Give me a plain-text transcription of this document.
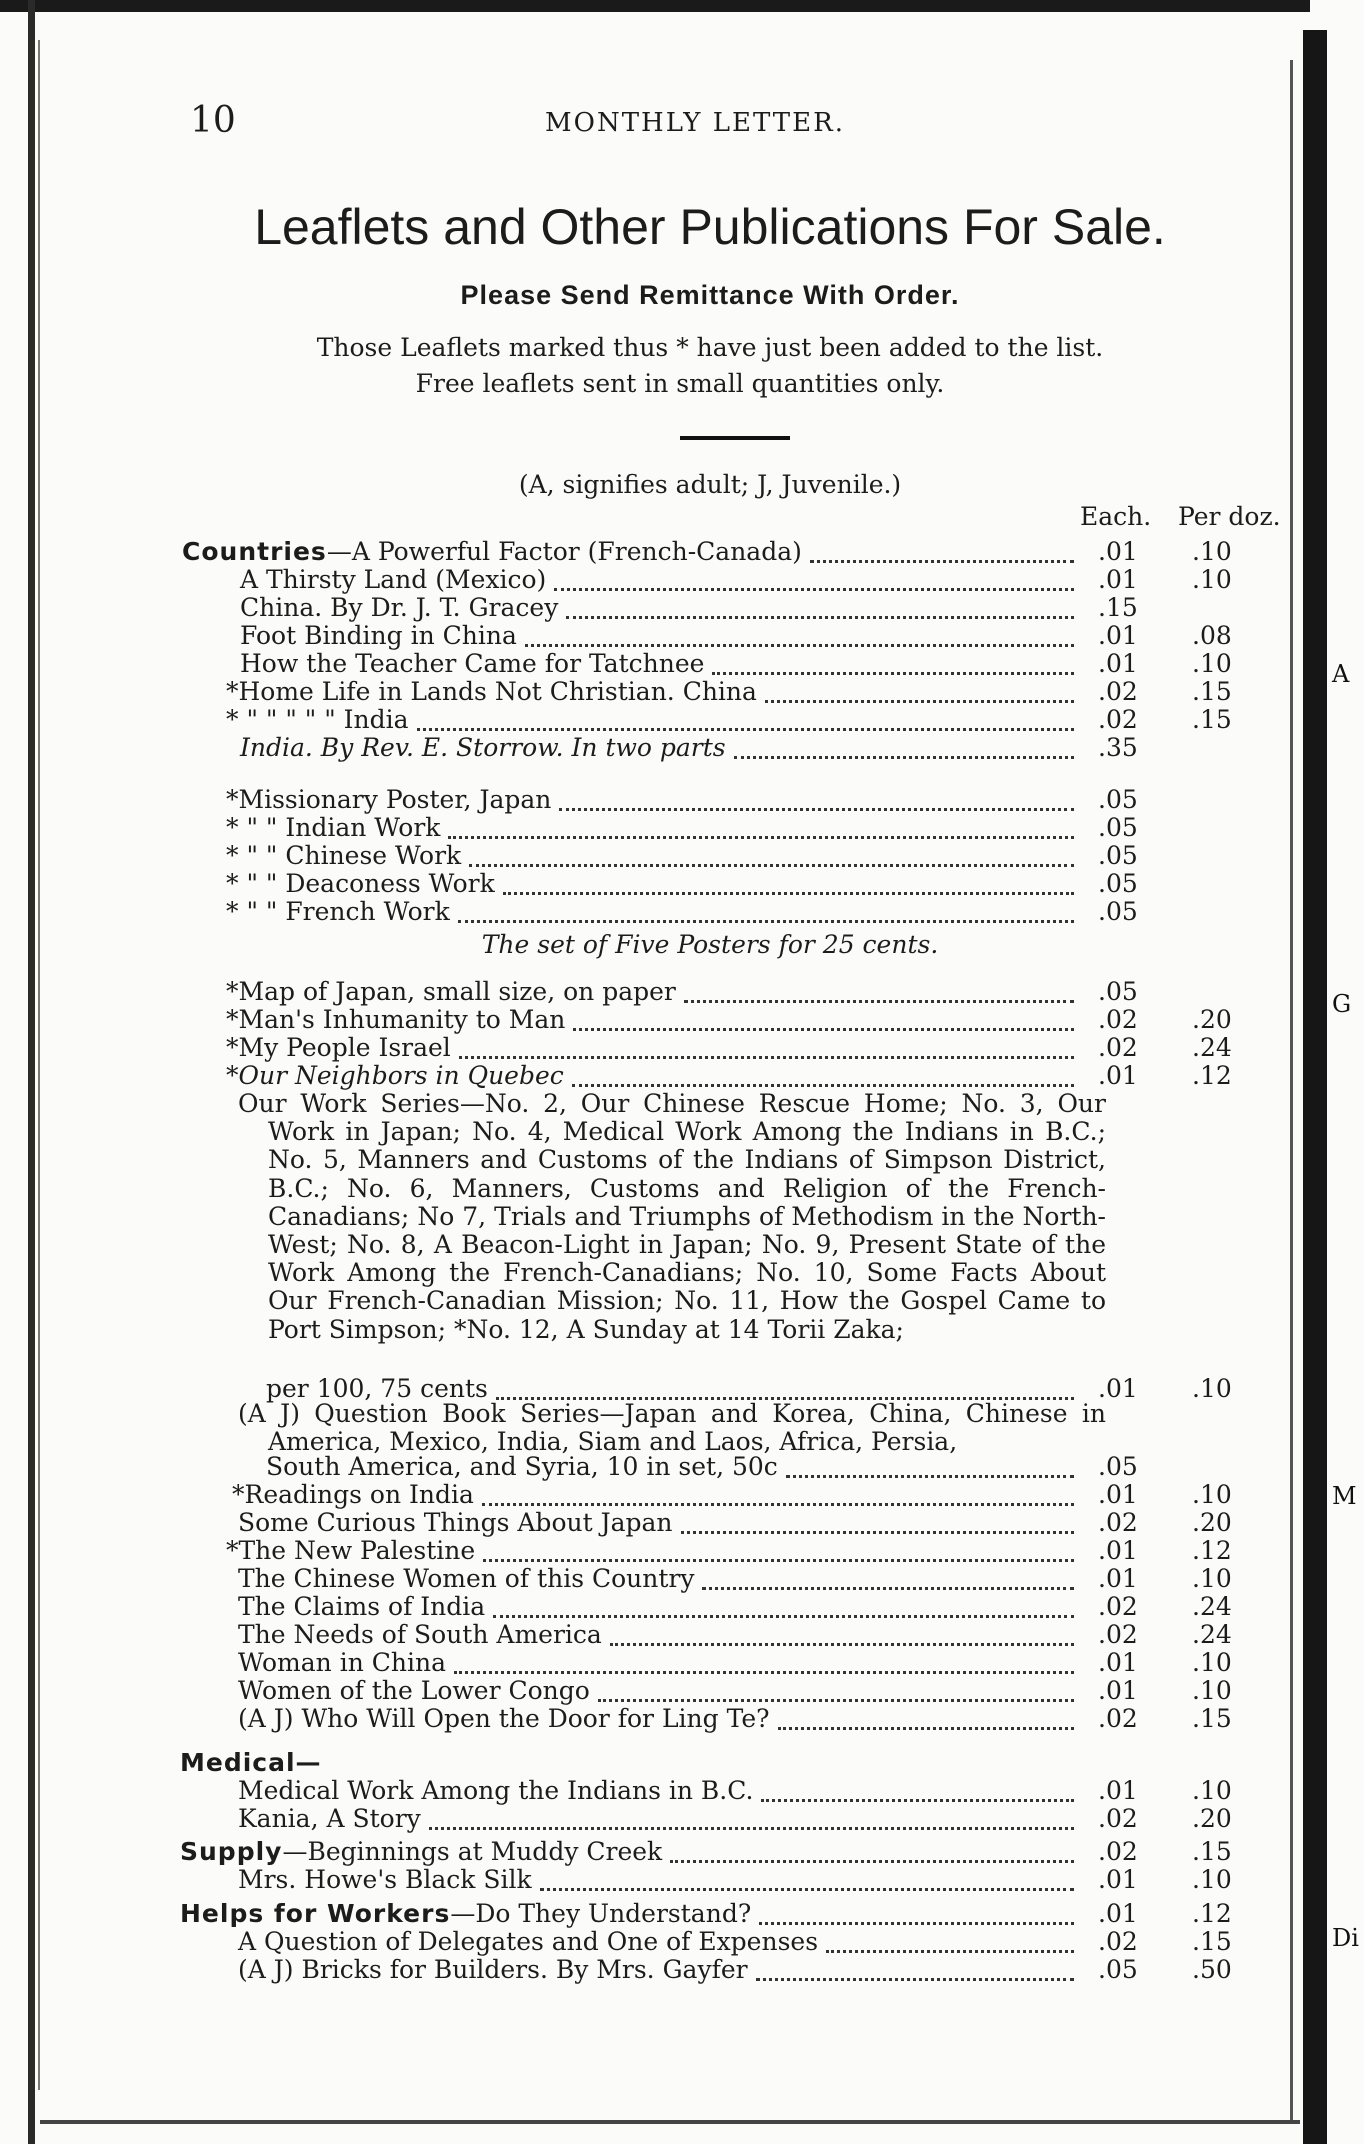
A
G
M
Di
10	MONTHLY LETTER.
Leaflets and Other Publications For Sale.
Please Send Remittance With Order.
Those Leaflets marked thus * have just been added to the list.
Free leaflets sent in small quantities only.
(A, signifies adult; J, Juvenile.)
Each. Per doz.
Countries—A Powerful Factor (French-Canada)	.01	.10
A Thirsty Land (Mexico)	.01	.10
China. By Dr. J. T. Gracey	.15
Foot Binding in China	.01	.08
How the Teacher Came for Tatchnee	.01	.10
*Home Life in Lands Not Christian. China	.02	.15
* " " " " " India	.02	.15
India. By Rev. E. Storrow. In two parts	.35
*Missionary Poster, Japan	.05
* " " Indian Work	.05
* " " Chinese Work	.05
* " " Deaconess Work	.05
* " " French Work	.05
*Map of Japan, small size, on paper	.05
*Man's Inhumanity to Man	.02	.20
*My People Israel	.02	.24
*Our Neighbors in Quebec	.01	.12
per 100, 75 cents	.01	.10
South America, and Syria, 10 in set, 50c	.05
*Readings on India	.01	.10
Some Curious Things About Japan	.02	.20
*The New Palestine	.01	.12
The Chinese Women of this Country	.01	.10
The Claims of India	.02	.24
The Needs of South America	.02	.24
Woman in China	.01	.10
Women of the Lower Congo	.01	.10
(A J) Who Will Open the Door for Ling Te?	.02	.15
Medical—
Medical Work Among the Indians in B.C.	.01	.10
Kania, A Story	.02	.20
Supply—Beginnings at Muddy Creek	.02	.15
Mrs. Howe's Black Silk	.01	.10
Helps for Workers—Do They Understand?	.01	.12
A Question of Delegates and One of Expenses	.02	.15
(A J) Bricks for Builders. By Mrs. Gayfer	.05	.50
The set of Five Posters for 25 cents.
Our Work Series—No. 2, Our Chinese Rescue Home; No. 3, Our Work in Japan; No. 4, Medical Work Among the Indians in B.C.; No. 5, Manners and Customs of the Indians of Simpson District, B.C.; No. 6, Manners, Customs and Religion of the French-Canadians; No 7, Trials and Triumphs of Methodism in the North-West; No. 8, A Beacon-Light in Japan; No. 9, Present State of the Work Among the French-Canadians; No. 10, Some Facts About Our French-Canadian Mission; No. 11, How the Gospel Came to Port Simpson; *No. 12, A Sunday at 14 Torii Zaka;
(A J) Question Book Series—Japan and Korea, China, Chinese in America, Mexico, India, Siam and Laos, Africa, Persia,
